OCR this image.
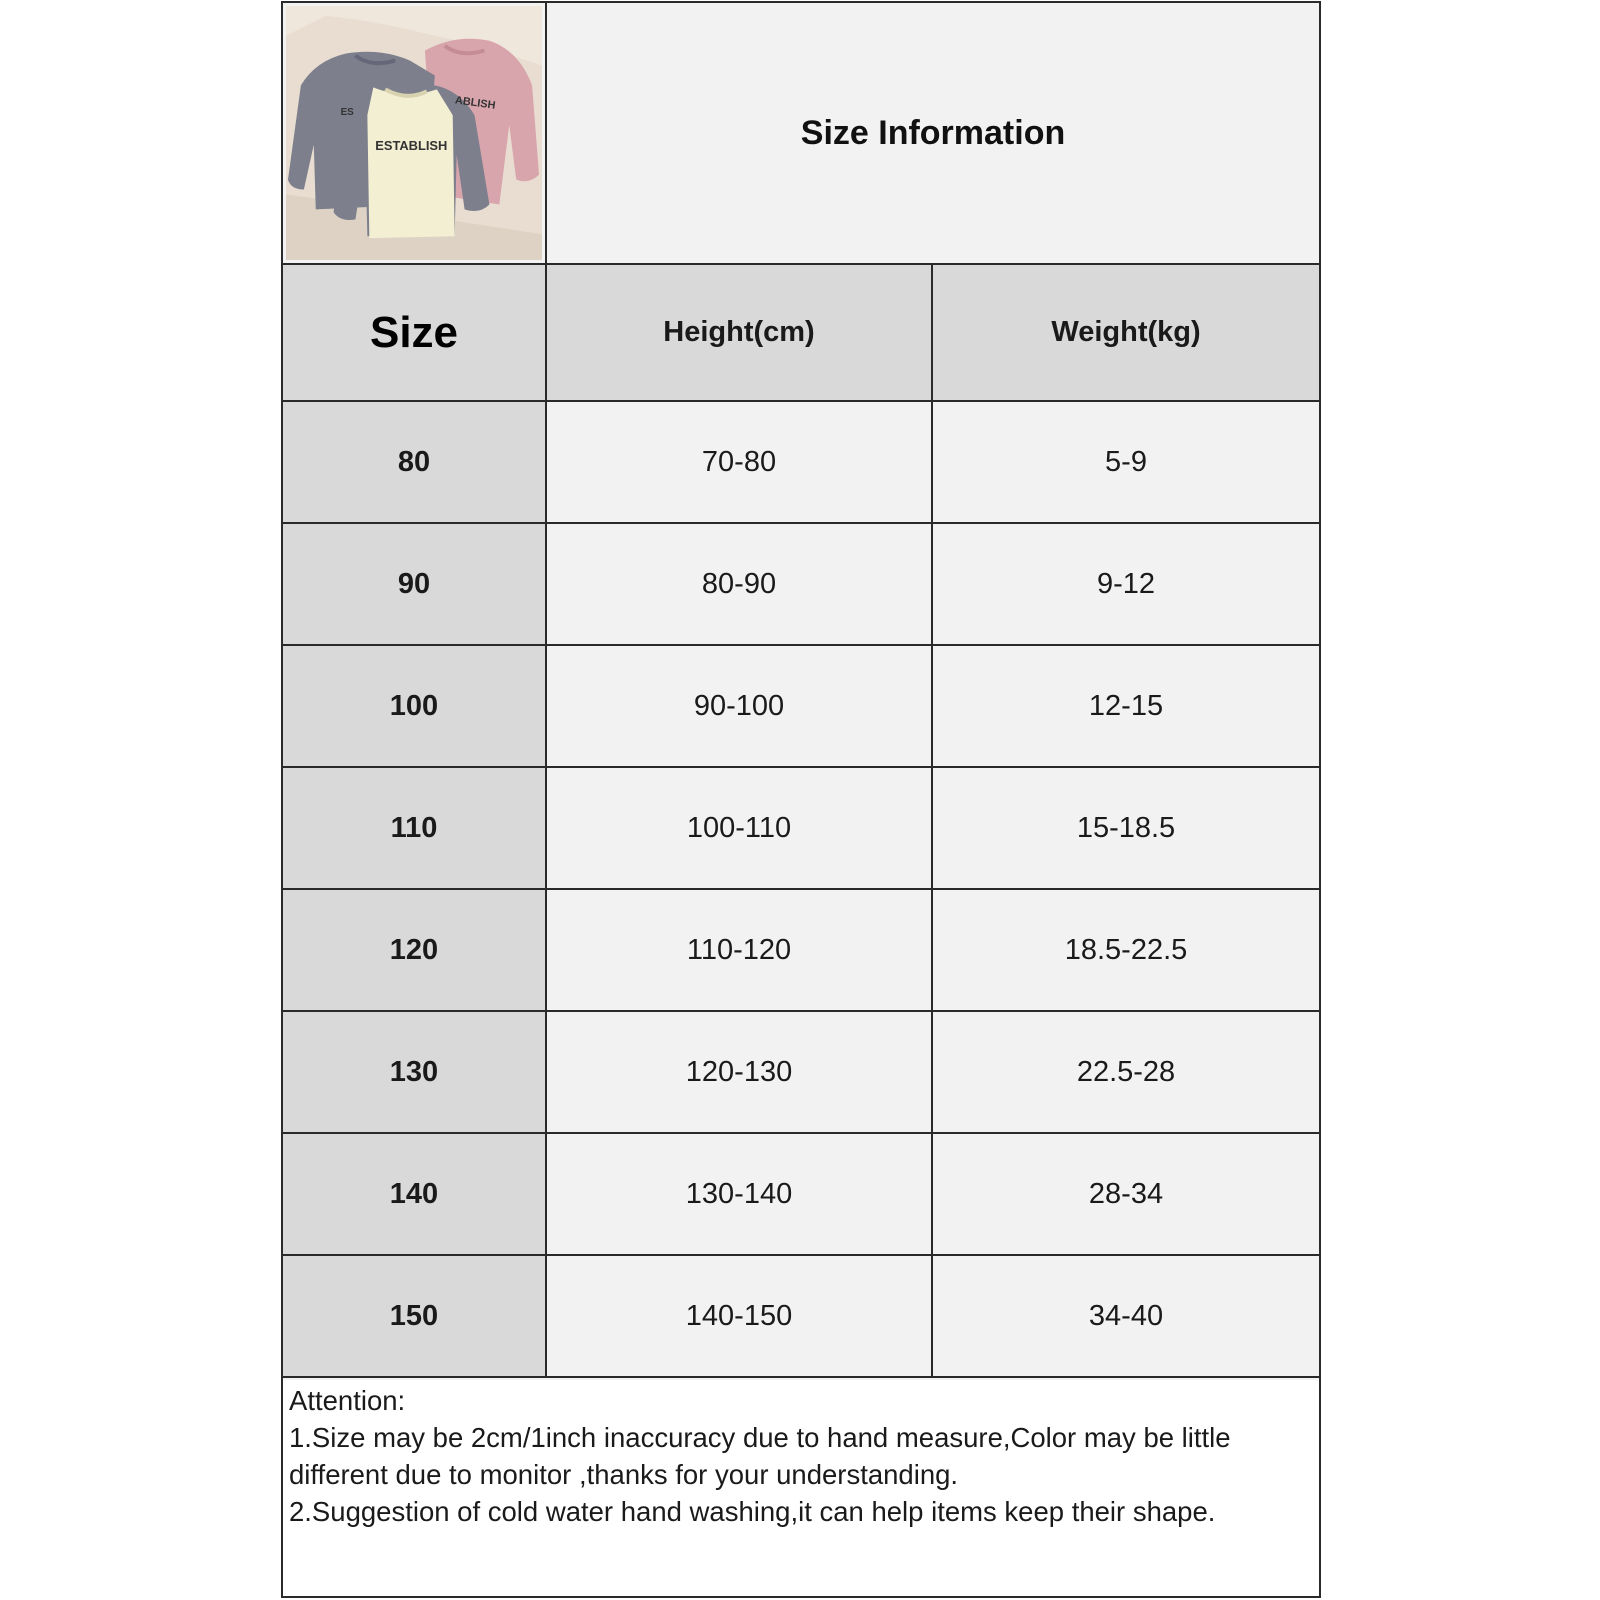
ESTABLISH
ABLISH
ES
Size Information
Size	Height(cm)	Weight(kg)
80	70-80	5-9
90	80-90	9-12
100	90-100	12-15
110	100-110	15-18.5
120	110-120	18.5-22.5
130	120-130	22.5-28
140	130-140	28-34
150	140-150	34-40
Attention:
1.Size may be 2cm/1inch inaccuracy due to hand measure,Color may be little
different due to monitor ,thanks for your understanding.
2.Suggestion of cold water hand washing,it can help items keep their shape.
